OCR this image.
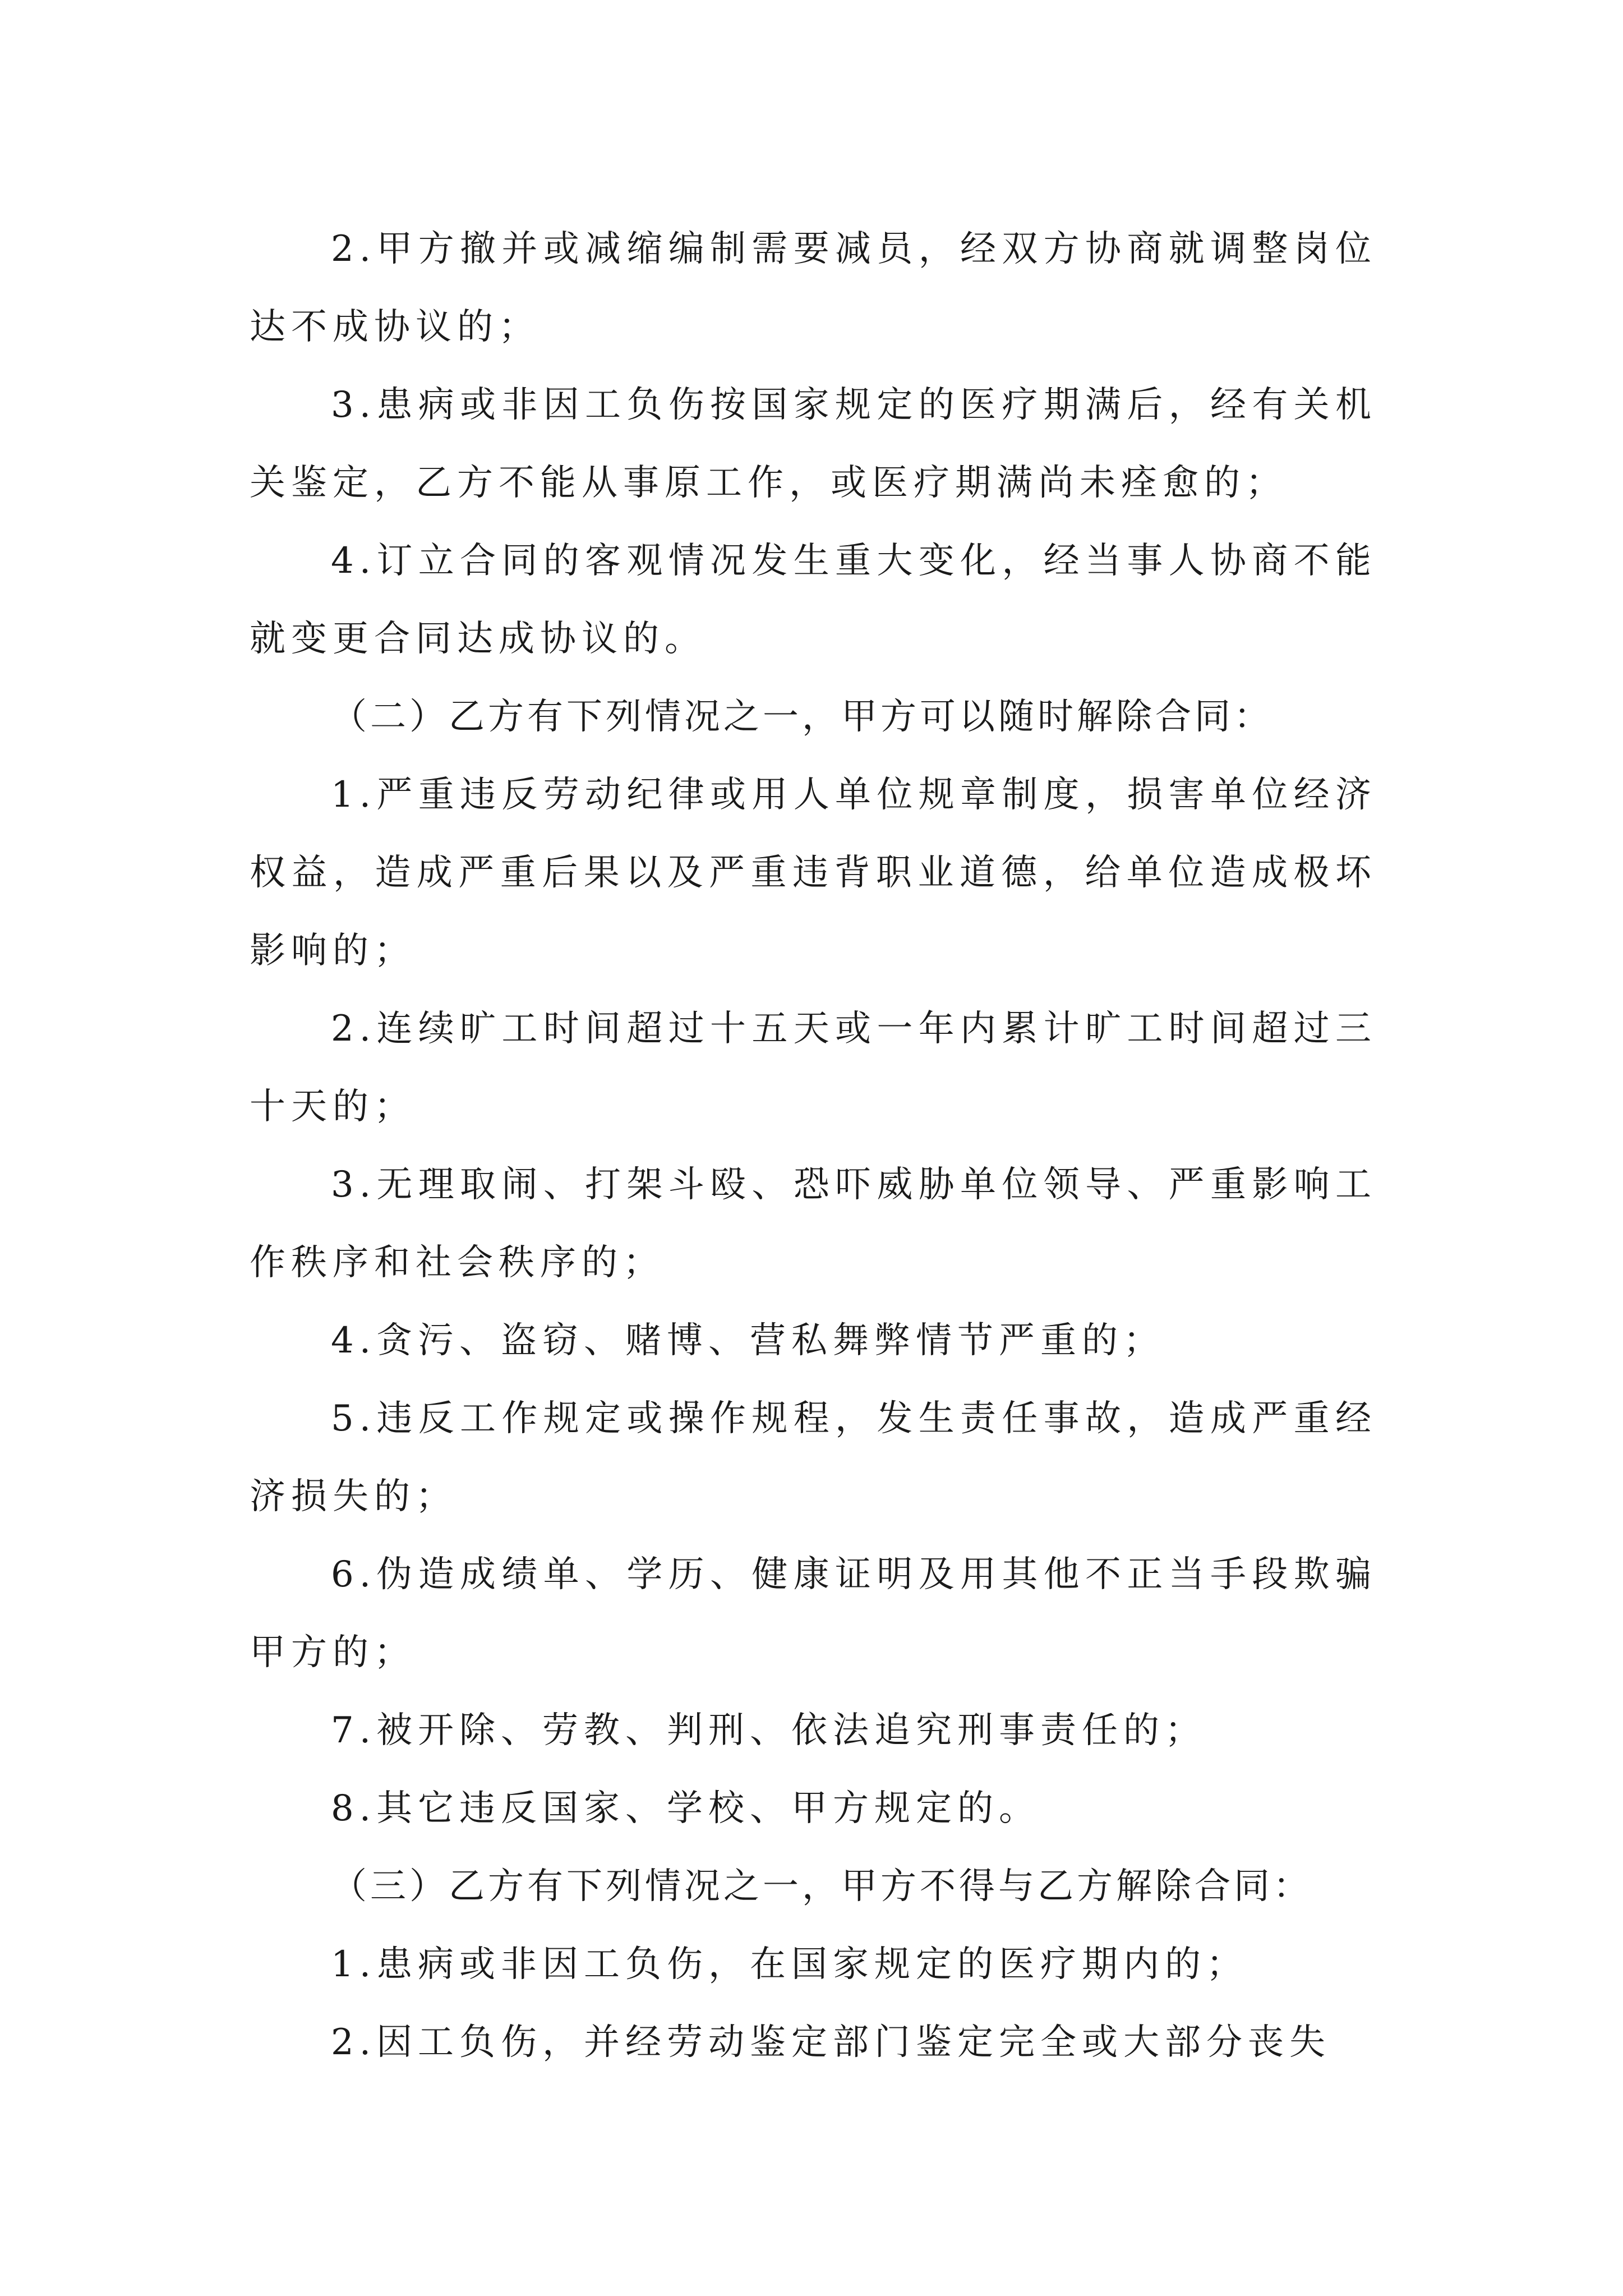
2.甲方撤并或减缩编制需要减员，经双方协商就调整岗位达不成协议的；

3.患病或非因工负伤按国家规定的医疗期满后，经有关机关鉴定，乙方不能从事原工作，或医疗期满尚未痊愈的；

4.订立合同的客观情况发生重大变化，经当事人协商不能就变更合同达成协议的。

（二）乙方有下列情况之一，甲方可以随时解除合同：

1.严重违反劳动纪律或用人单位规章制度，损害单位经济权益，造成严重后果以及严重违背职业道德，给单位造成极坏影响的；

2.连续旷工时间超过十五天或一年内累计旷工时间超过三十天的；

3.无理取闹、打架斗殴、恐吓威胁单位领导、严重影响工作秩序和社会秩序的；

4.贪污、盗窃、赌博、营私舞弊情节严重的；

5.违反工作规定或操作规程，发生责任事故，造成严重经济损失的；

6.伪造成绩单、学历、健康证明及用其他不正当手段欺骗甲方的；

7.被开除、劳教、判刑、依法追究刑事责任的；

8.其它违反国家、学校、甲方规定的。

（三）乙方有下列情况之一，甲方不得与乙方解除合同：

1.患病或非因工负伤，在国家规定的医疗期内的；

2.因工负伤，并经劳动鉴定部门鉴定完全或大部分丧失
